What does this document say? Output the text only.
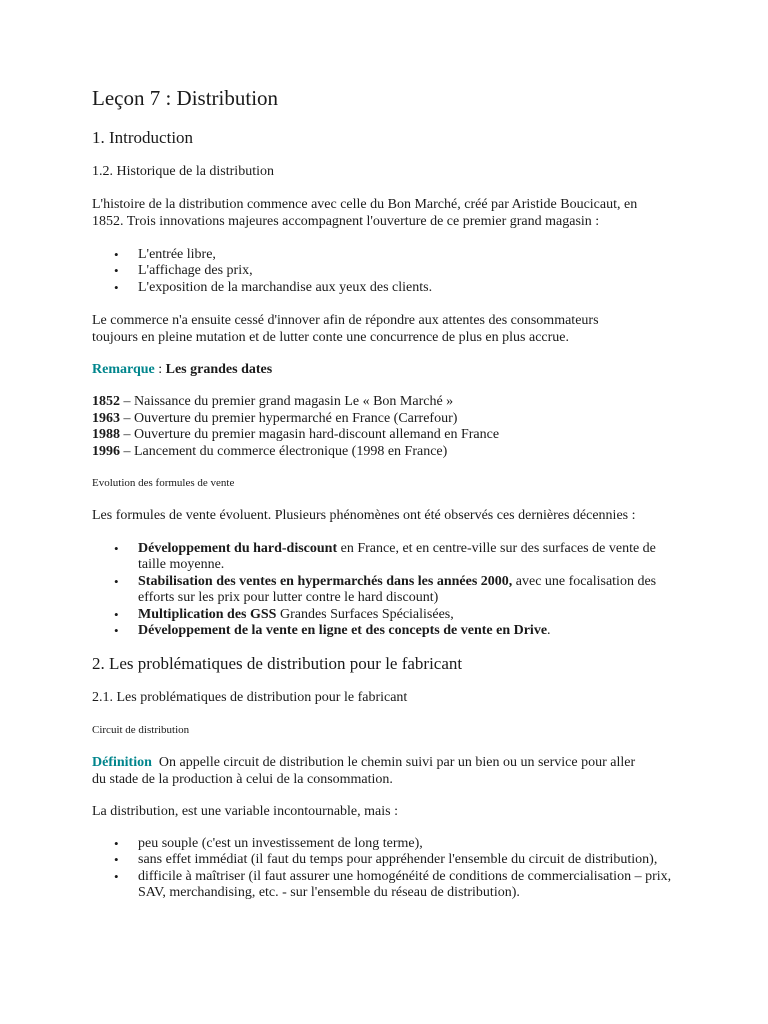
Leçon 7 : Distribution
1. Introduction
1.2. Historique de la distribution
L'histoire de la distribution commence avec celle du Bon Marché, créé par Aristide Boucicaut, en
1852. Trois innovations majeures accompagnent l'ouverture de ce premier grand magasin :
• L'entrée libre,
• L'affichage des prix,
• L'exposition de la marchandise aux yeux des clients.
Le commerce n'a ensuite cessé d'innover afin de répondre aux attentes des consommateurs
toujours en pleine mutation et de lutter conte une concurrence de plus en plus accrue.
Remarque : Les grandes dates
1852 – Naissance du premier grand magasin Le « Bon Marché »
1963 – Ouverture du premier hypermarché en France (Carrefour)
1988 – Ouverture du premier magasin hard-discount allemand en France
1996 – Lancement du commerce électronique (1998 en France)
Evolution des formules de vente
Les formules de vente évoluent. Plusieurs phénomènes ont été observés ces dernières décennies :
• Développement du hard-discount en France, et en centre-ville sur des surfaces de vente de taille moyenne.
• Stabilisation des ventes en hypermarchés dans les années 2000, avec une focalisation des efforts sur les prix pour lutter contre le hard discount)
• Multiplication des GSS Grandes Surfaces Spécialisées,
• Développement de la vente en ligne et des concepts de vente en Drive.
2. Les problématiques de distribution pour le fabricant
2.1. Les problématiques de distribution pour le fabricant
Circuit de distribution
Définition  On appelle circuit de distribution le chemin suivi par un bien ou un service pour aller
du stade de la production à celui de la consommation.
La distribution, est une variable incontournable, mais :
• peu souple (c'est un investissement de long terme),
• sans effet immédiat (il faut du temps pour appréhender l'ensemble du circuit de distribution),
• difficile à maîtriser (il faut assurer une homogénéité de conditions de commercialisation – prix, SAV, merchandising, etc. - sur l'ensemble du réseau de distribution).
